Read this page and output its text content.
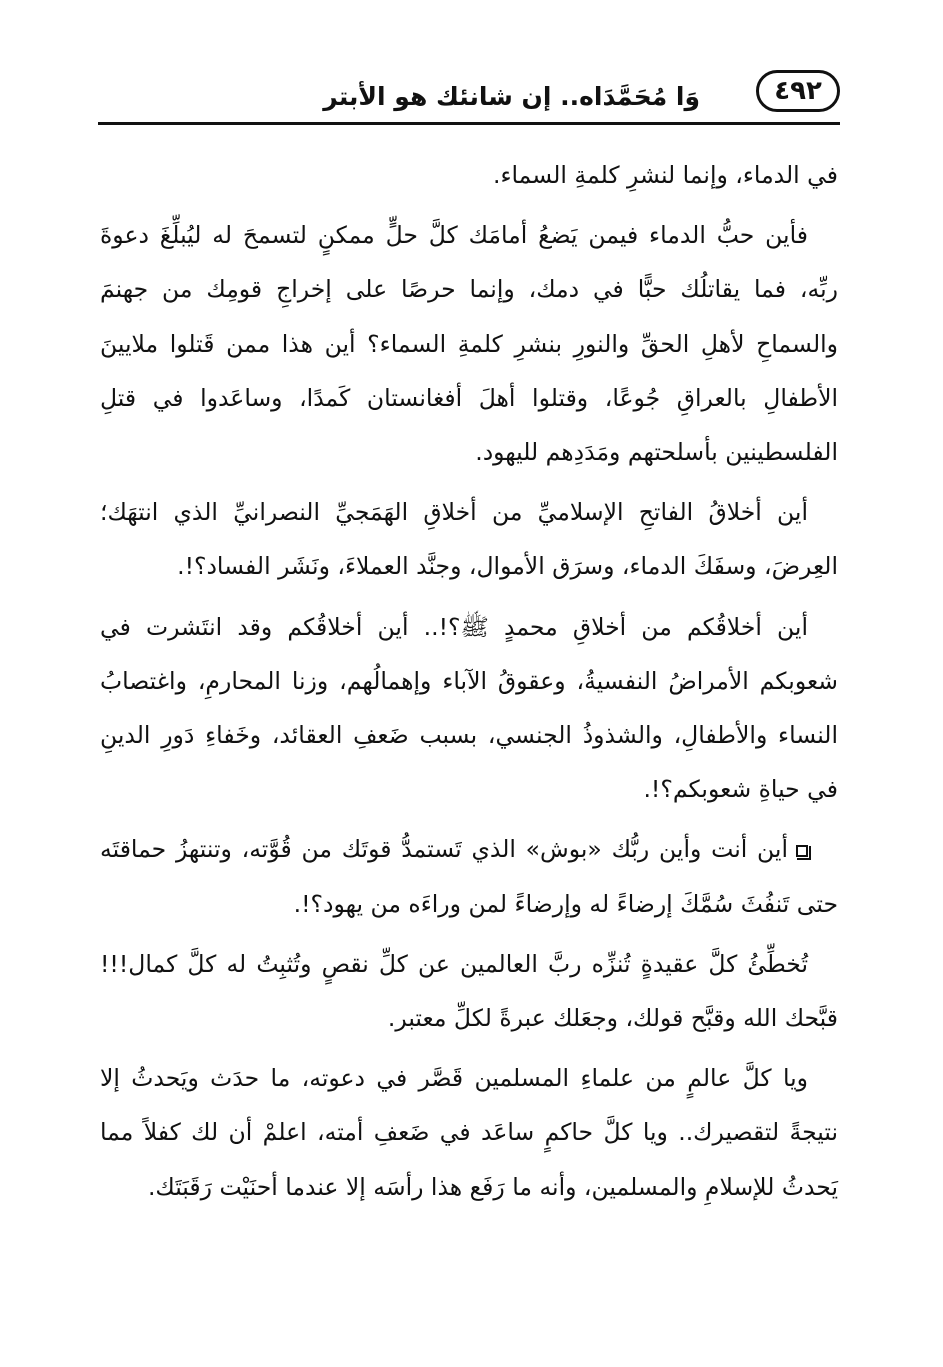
٤٩٢
وَا مُحَمَّدَاه.. إن شانئك هو الأبتر

في الدماء، وإنما لنشرِ كلمةِ السماء.

فأين حبُّ الدماء فيمن يَضعُ أمامَك كلَّ حلٍّ ممكنٍ لتسمحَ له ليُبلِّغَ دعوةَ ربِّه، فما يقاتلُك حبًّا في دمك، وإنما حرصًا على إخراجِ قومِك من جهنمَ والسماحِ لأهلِ الحقِّ والنورِ بنشرِ كلمةِ السماء؟ أين هذا ممن قَتلوا ملايينَ الأطفالِ بالعراقِ جُوعًا، وقتلوا أهلَ أفغانستان كَمدًا، وساعَدوا في قتلِ الفلسطينين بأسلحتهم ومَدَدِهم لليهود.

أين أخلاقُ الفاتحِ الإسلاميِّ من أخلاقِ الهَمَجيِّ النصرانيِّ الذي انتهَك؛ العِرضَ، وسفَكَ الدماء، وسرَق الأموال، وجنَّد العملاءَ، ونَشَر الفساد؟!.

أين أخلاقُكم من أخلاقِ محمدٍ ﷺ؟!.. أين أخلاقُكم وقد انتَشرت في شعوبكم الأمراضُ النفسيةُ، وعقوقُ الآباء وإهمالُهم، وزنا المحارمِ، واغتصابُ النساء والأطفالِ، والشذوذُ الجنسي، بسبب ضَعفِ العقائد، وخَفاءِ دَورِ الدينِ في حياةِ شعوبكم؟!.

أين أنت وأين ربُّك «بوش» الذي تَستمدُّ قوتَك من قُوَّته، وتنتهزُ حماقتَه حتى تَنفُثَ سُمَّكَ إرضاءً له وإرضاءً لمن وراءَه من يهود؟!.

تُخطِّئُ كلَّ عقيدةٍ تُنزِّه ربَّ العالمين عن كلِّ نقصٍ وتُثبِتُ له كلَّ كمال!!! قبَّحك الله وقبَّح قولك، وجعَلك عبرةً لكلِّ معتبر.

ويا كلَّ عالمٍ من علماءِ المسلمين قَصَّر في دعوته، ما حدَث ويَحدثُ إلا نتيجةً لتقصيرك.. ويا كلَّ حاكمٍ ساعَد في ضَعفِ أمته، اعلمْ أن لك كفلاً مما يَحدثُ للإسلامِ والمسلمين، وأنه ما رَفَع هذا رأسَه إلا عندما أحنَيْت رَقَبَتَك.
